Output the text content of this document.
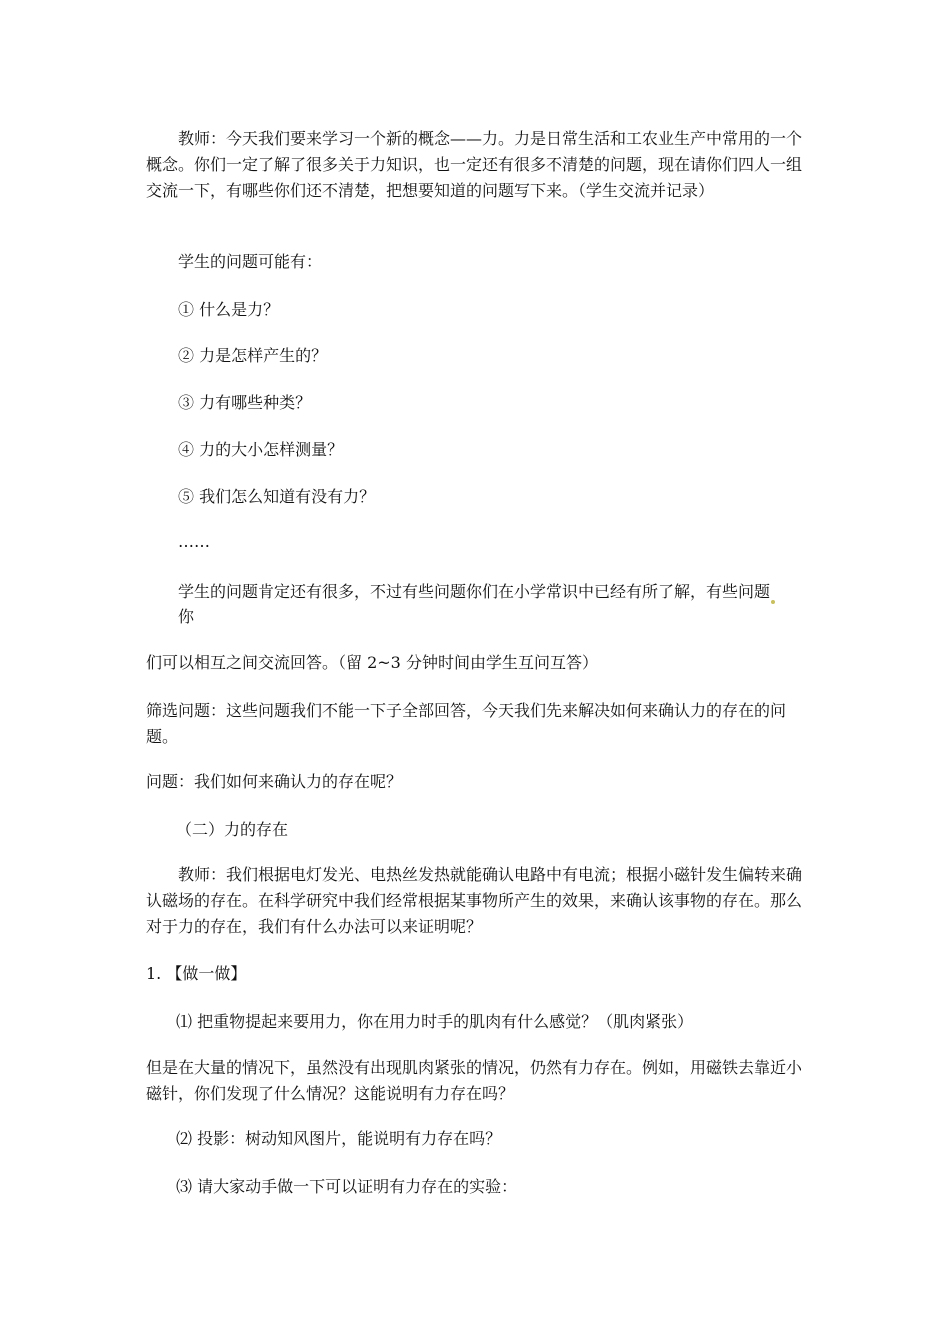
教师：今天我们要来学习一个新的概念——力。力是日常生活和工农业生产中常用的一个概念。你们一定了解了很多关于力知识，也一定还有很多不清楚的问题，现在请你们四人一组交流一下，有哪些你们还不清楚，把想要知道的问题写下来。（学生交流并记录）
学生的问题可能有：
① 什么是力？
② 力是怎样产生的？
③ 力有哪些种类？
④ 力的大小怎样测量？
⑤ 我们怎么知道有没有力？
……
学生的问题肯定还有很多，不过有些问题你们在小学常识中已经有所了解，有些问题
你
们可以相互之间交流回答。（留 2~3 分钟时间由学生互问互答）
筛选问题：这些问题我们不能一下子全部回答，今天我们先来解决如何来确认力的存在的问题。
问题：我们如何来确认力的存在呢？
（二）力的存在
教师：我们根据电灯发光、电热丝发热就能确认电路中有电流；根据小磁针发生偏转来确认磁场的存在。在科学研究中我们经常根据某事物所产生的效果，来确认该事物的存在。那么对于力的存在，我们有什么办法可以来证明呢？
1. 【做一做】
⑴ 把重物提起来要用力，你在用力时手的肌肉有什么感觉？（肌肉紧张）
但是在大量的情况下，虽然没有出现肌肉紧张的情况，仍然有力存在。例如，用磁铁去靠近小磁针，你们发现了什么情况？这能说明有力存在吗？
⑵ 投影：树动知风图片，能说明有力存在吗？
⑶ 请大家动手做一下可以证明有力存在的实验：
